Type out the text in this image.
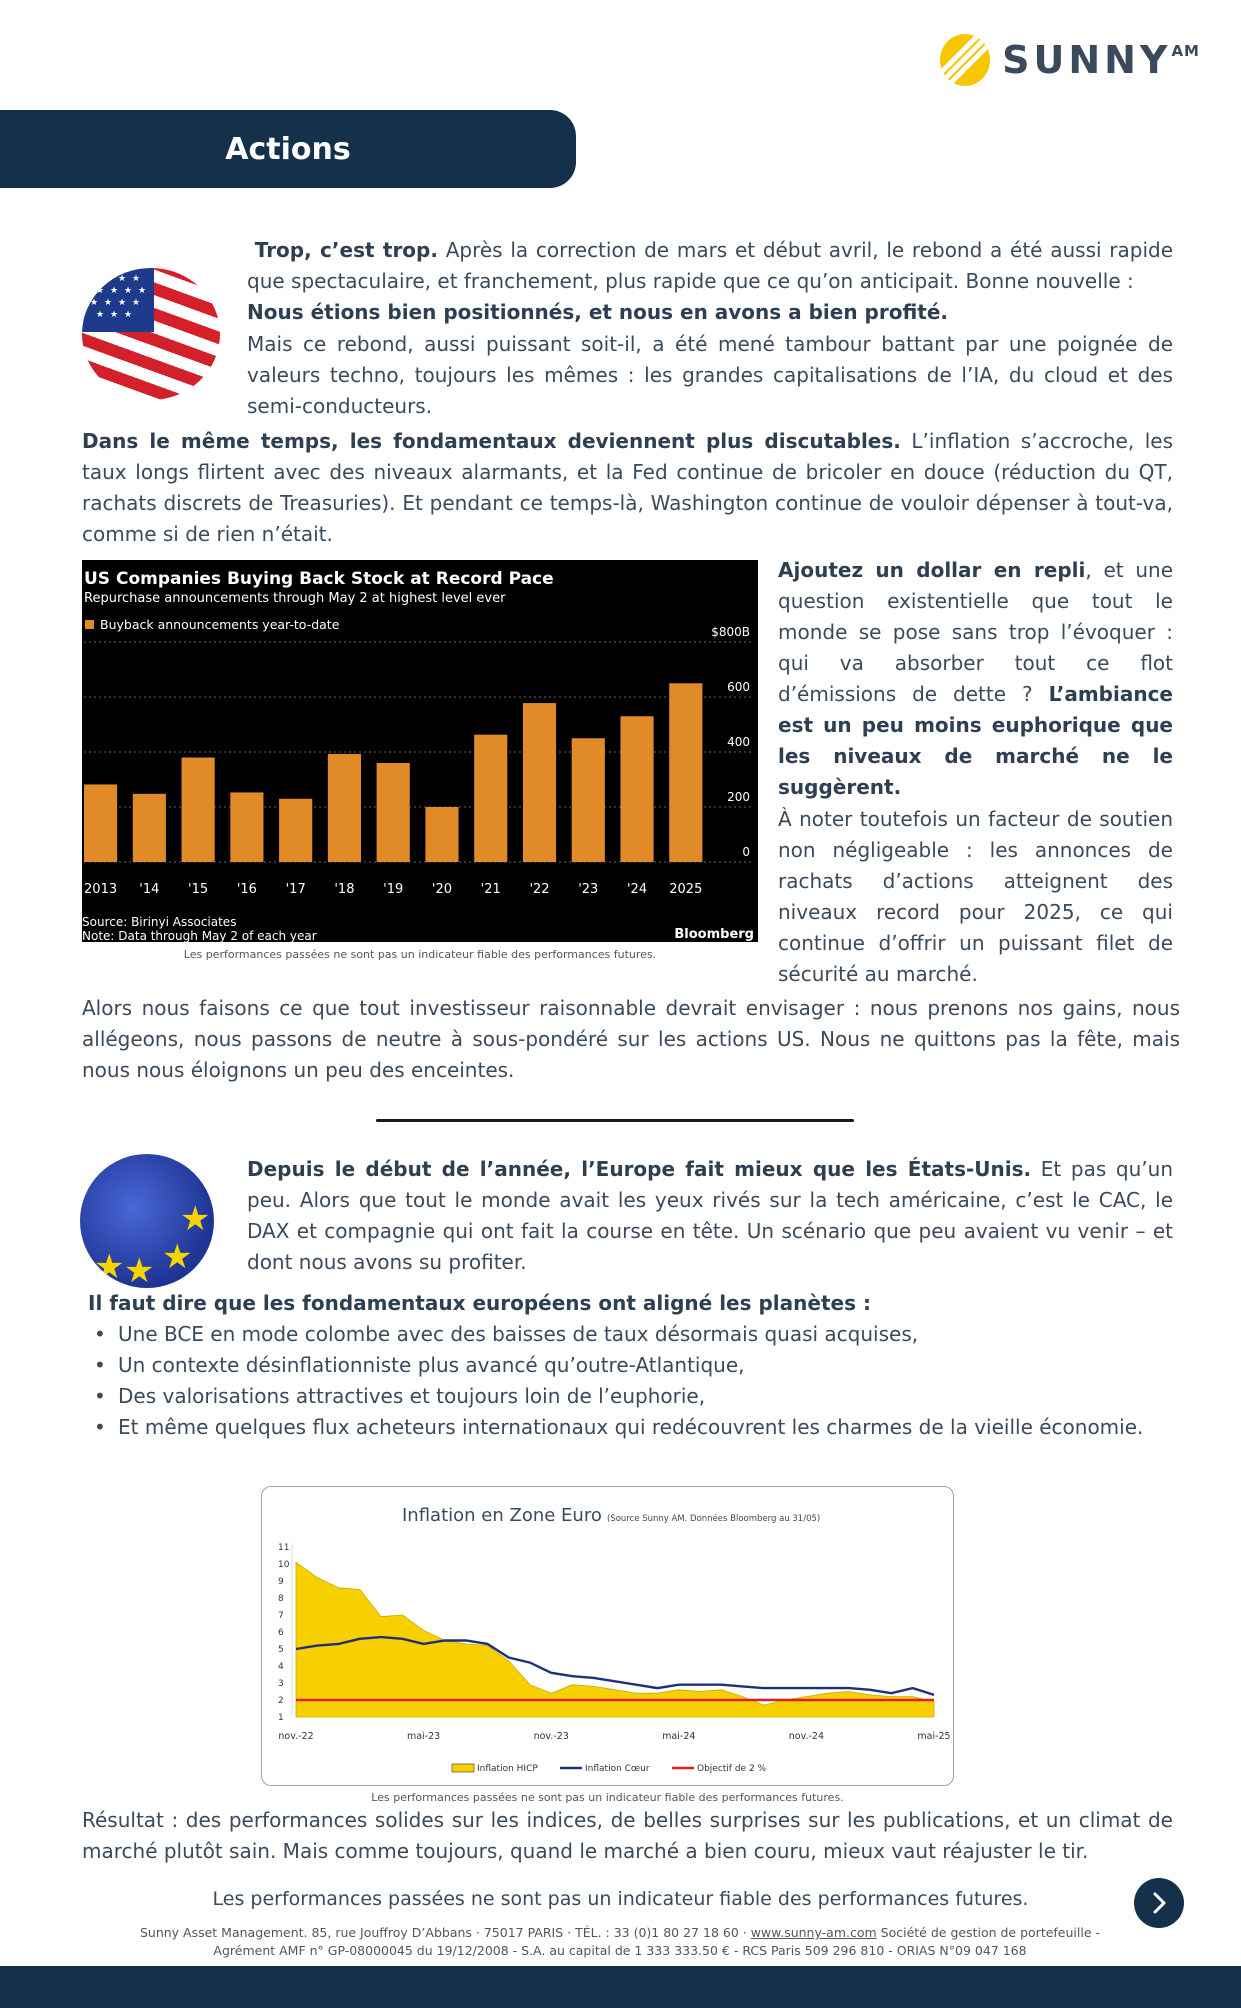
SUNNY AM
Actions
★ ★ ★ ★
★ ★ ★ ★
★ ★ ★ ★
★ ★ ★
Trop, c’est trop. Après la correction de mars et début avril, le rebond a été aussi rapide que spectaculaire, et franchement, plus rapide que ce qu’on anticipait. Bonne nouvelle :
Nous étions bien positionnés, et nous en avons a bien profité.
Mais ce rebond, aussi puissant soit-il, a été mené tambour battant par une poignée de valeurs techno, toujours les mêmes : les grandes capitalisations de l’IA, du cloud et des semi-conducteurs.
Dans le même temps, les fondamentaux deviennent plus discutables. L’inflation s’accroche, les taux longs flirtent avec des niveaux alarmants, et la Fed continue de bricoler en douce (réduction du QT, rachats discrets de Treasuries). Et pendant ce temps-là, Washington continue de vouloir dépenser à tout-va, comme si de rien n’était.
US Companies Buying Back Stock at Record Pace
Repurchase announcements through May 2 at highest level ever
Buyback announcements year-to-date
2013 '14 '15 '16 '17 '18 '19 '20 '21 '22 '23 '24 2025
0
200
400
600
$800B
Source: Birinyi Associates
Note: Data through May 2 of each year	Bloomberg
Les performances passées ne sont pas un indicateur fiable des performances futures.
Ajoutez un dollar en repli, et une question existentielle que tout le monde se pose sans trop l’évoquer : qui va absorber tout ce flot d’émissions de dette ? L’ambiance est un peu moins euphorique que les niveaux de marché ne le suggèrent.
À noter toutefois un facteur de soutien non négligeable : les annonces de rachats d’actions atteignent des niveaux record pour 2025, ce qui continue d’offrir un puissant filet de sécurité au marché.
Alors nous faisons ce que tout investisseur raisonnable devrait envisager : nous prenons nos gains, nous allégeons, nous passons de neutre à sous-pondéré sur les actions US. Nous ne quittons pas la fête, mais nous nous éloignons un peu des enceintes.
★
★
★
★
Depuis le début de l’année, l’Europe fait mieux que les États-Unis. Et pas qu’un peu. Alors que tout le monde avait les yeux rivés sur la tech américaine, c’est le CAC, le DAX et compagnie qui ont fait la course en tête. Un scénario que peu avaient vu venir – et dont nous avons su profiter.
Il faut dire que les fondamentaux européens ont aligné les planètes :
• Une BCE en mode colombe avec des baisses de taux désormais quasi acquises,
• Un contexte désinflationniste plus avancé qu’outre-Atlantique,
• Des valorisations attractives et toujours loin de l’euphorie,
• Et même quelques flux acheteurs internationaux qui redécouvrent les charmes de la vieille économie.
Inflation en Zone Euro (Source Sunny AM. Données Bloomberg au 31/05)
1
2
3
4
5
6
7
8
9
10
11
nov.-22	mai-23	nov.-23	mai-24	nov.-24	mai-25
Inflation HICP	Inflation Cœur	Objectif de 2 %
Les performances passées ne sont pas un indicateur fiable des performances futures.
Résultat : des performances solides sur les indices, de belles surprises sur les publications, et un climat de marché plutôt sain. Mais comme toujours, quand le marché a bien couru, mieux vaut réajuster le tir.
Les performances passées ne sont pas un indicateur fiable des performances futures.
Sunny Asset Management. 85, rue Jouffroy D’Abbans · 75017 PARIS · TÉL. : 33 (0)1 80 27 18 60 · www.sunny-am.com Société de gestion de portefeuille -
Agrément AMF n° GP-08000045 du 19/12/2008 - S.A. au capital de 1 333 333.50 € - RCS Paris 509 296 810 - ORIAS N°09 047 168
